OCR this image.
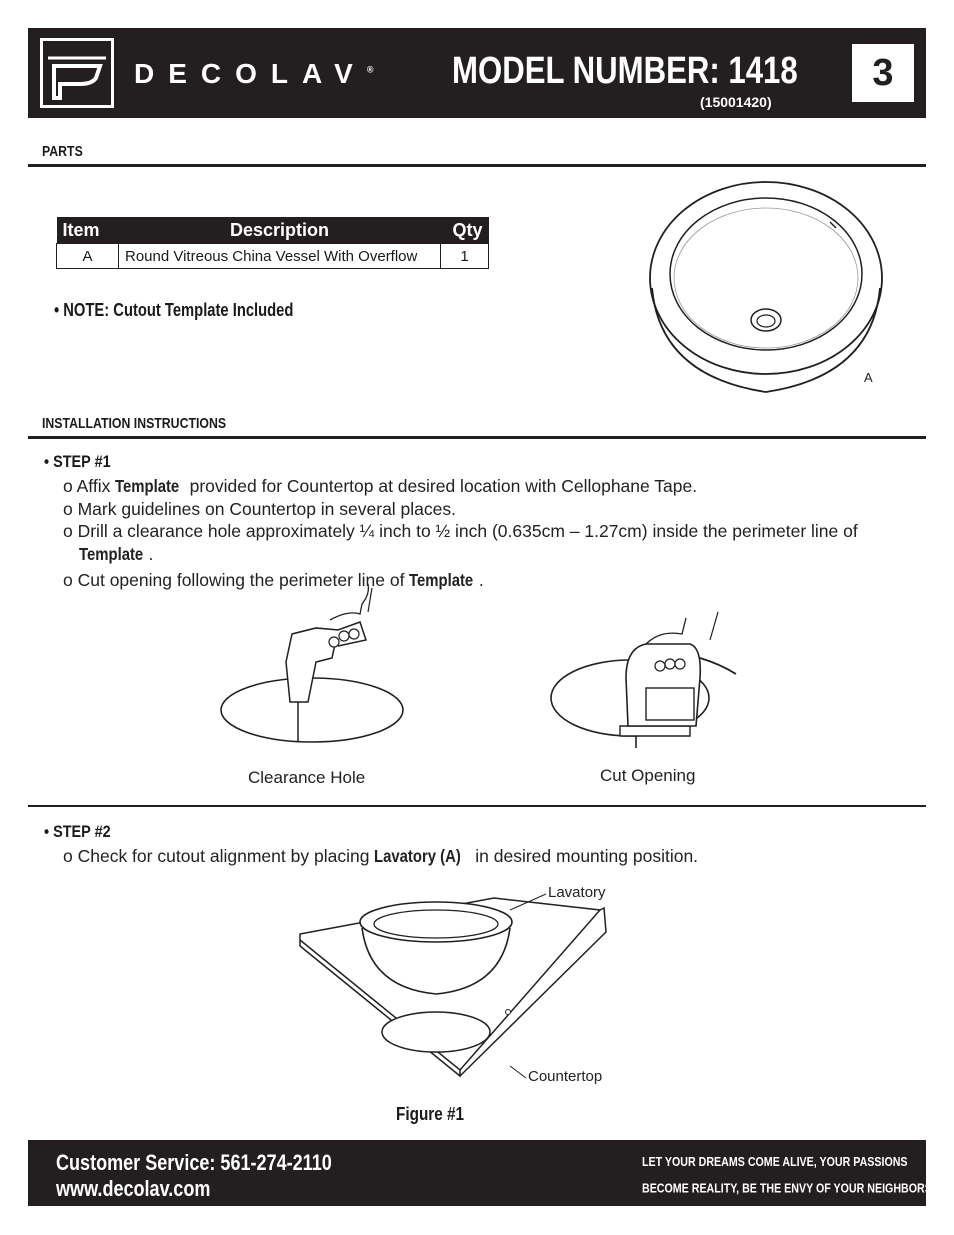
DECOLAV® MODEL NUMBER: 1418
(15001420)
3
PARTS
Item	Description	Qty
A	Round Vitreous China Vessel With Overflow	1
• NOTE: Cutout Template Included
A
INSTALLATION INSTRUCTIONS
• STEP #1
o Affix Template provided for Countertop at desired location with Cellophane Tape.
o Mark guidelines on Countertop in several places.
o Drill a clearance hole approximately ¼ inch to ½ inch (0.635cm – 1.27cm) inside the perimeter line of
Template .
o Cut opening following the perimeter line of Template .
Clearance Hole	Cut Opening
• STEP #2
o Check for cutout alignment by placing Lavatory (A) in desired mounting position.
Lavatory
Countertop
Figure #1
Customer Service: 561-274-2110
www.decolav.com
LET YOUR DREAMS COME ALIVE, YOUR PASSIONS
BECOME REALITY, BE THE ENVY OF YOUR NEIGHBORS®
